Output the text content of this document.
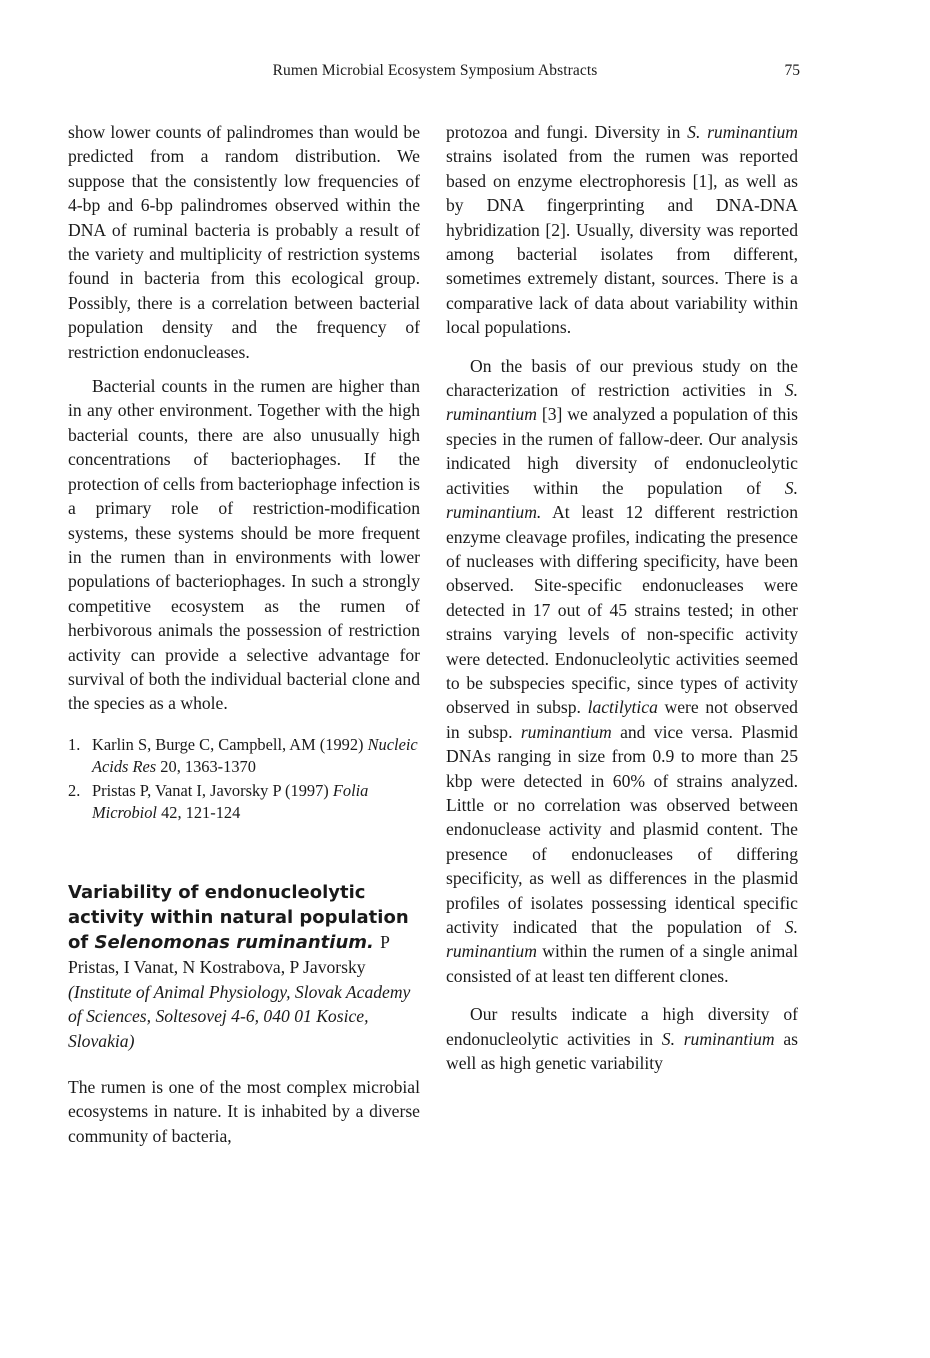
Rumen Microbial Ecosystem Symposium Abstracts	75

show lower counts of palindromes than would be predicted from a random distribution. We suppose that the consistently low frequencies of 4-bp and 6-bp palindromes observed within the DNA of ruminal bacteria is probably a result of the variety and multiplicity of restriction systems found in bacteria from this ecological group. Possibly, there is a correlation between bacterial population density and the frequency of restriction endonucleases.

Bacterial counts in the rumen are higher than in any other environment. Together with the high bacterial counts, there are also unusually high concentrations of bacteriophages. If the protection of cells from bacteriophage infection is a primary role of restriction-modification systems, these systems should be more frequent in the rumen than in environments with lower populations of bacteriophages. In such a strongly competitive ecosystem as the rumen of herbivorous animals the possession of restriction activity can provide a selective advantage for survival of both the individual bacterial clone and the species as a whole.

1. Karlin S, Burge C, Campbell, AM (1992) Nucleic Acids Res 20, 1363-1370
2. Pristas P, Vanat I, Javorsky P (1997) Folia Microbiol 42, 121-124
Variability of endonucleolytic activity within natural population of Selenomonas ruminantium. P Pristas, I Vanat, N Kostrabova, P Javorsky

(Institute of Animal Physiology, Slovak Academy of Sciences, Soltesovej 4-6, 040 01 Kosice, Slovakia)

The rumen is one of the most complex microbial ecosystems in nature. It is inhabited by a diverse community of bacteria,

protozoa and fungi. Diversity in S. ruminantium strains isolated from the rumen was reported based on enzyme electrophoresis [1], as well as by DNA fingerprinting and DNA-DNA hybridization [2]. Usually, diversity was reported among bacterial isolates from different, sometimes extremely distant, sources. There is a comparative lack of data about variability within local populations.

On the basis of our previous study on the characterization of restriction activities in S. ruminantium [3] we analyzed a population of this species in the rumen of fallow-deer. Our analysis indicated high diversity of endonucleolytic activities within the population of S. ruminantium. At least 12 different restriction enzyme cleavage profiles, indicating the presence of nucleases with differing specificity, have been observed. Site-specific endonucleases were detected in 17 out of 45 strains tested; in other strains varying levels of non-specific activity were detected. Endonucleolytic activities seemed to be subspecies specific, since types of activity observed in subsp. lactilytica were not observed in subsp. ruminantium and vice versa. Plasmid DNAs ranging in size from 0.9 to more than 25 kbp were detected in 60% of strains analyzed. Little or no correlation was observed between endonuclease activity and plasmid content. The presence of endonucleases of differing specificity, as well as differences in the plasmid profiles of isolates possessing identical specific activity indicated that the population of S. ruminantium within the rumen of a single animal consisted of at least ten different clones.

Our results indicate a high diversity of endonucleolytic activities in S. ruminantium as well as high genetic variability
